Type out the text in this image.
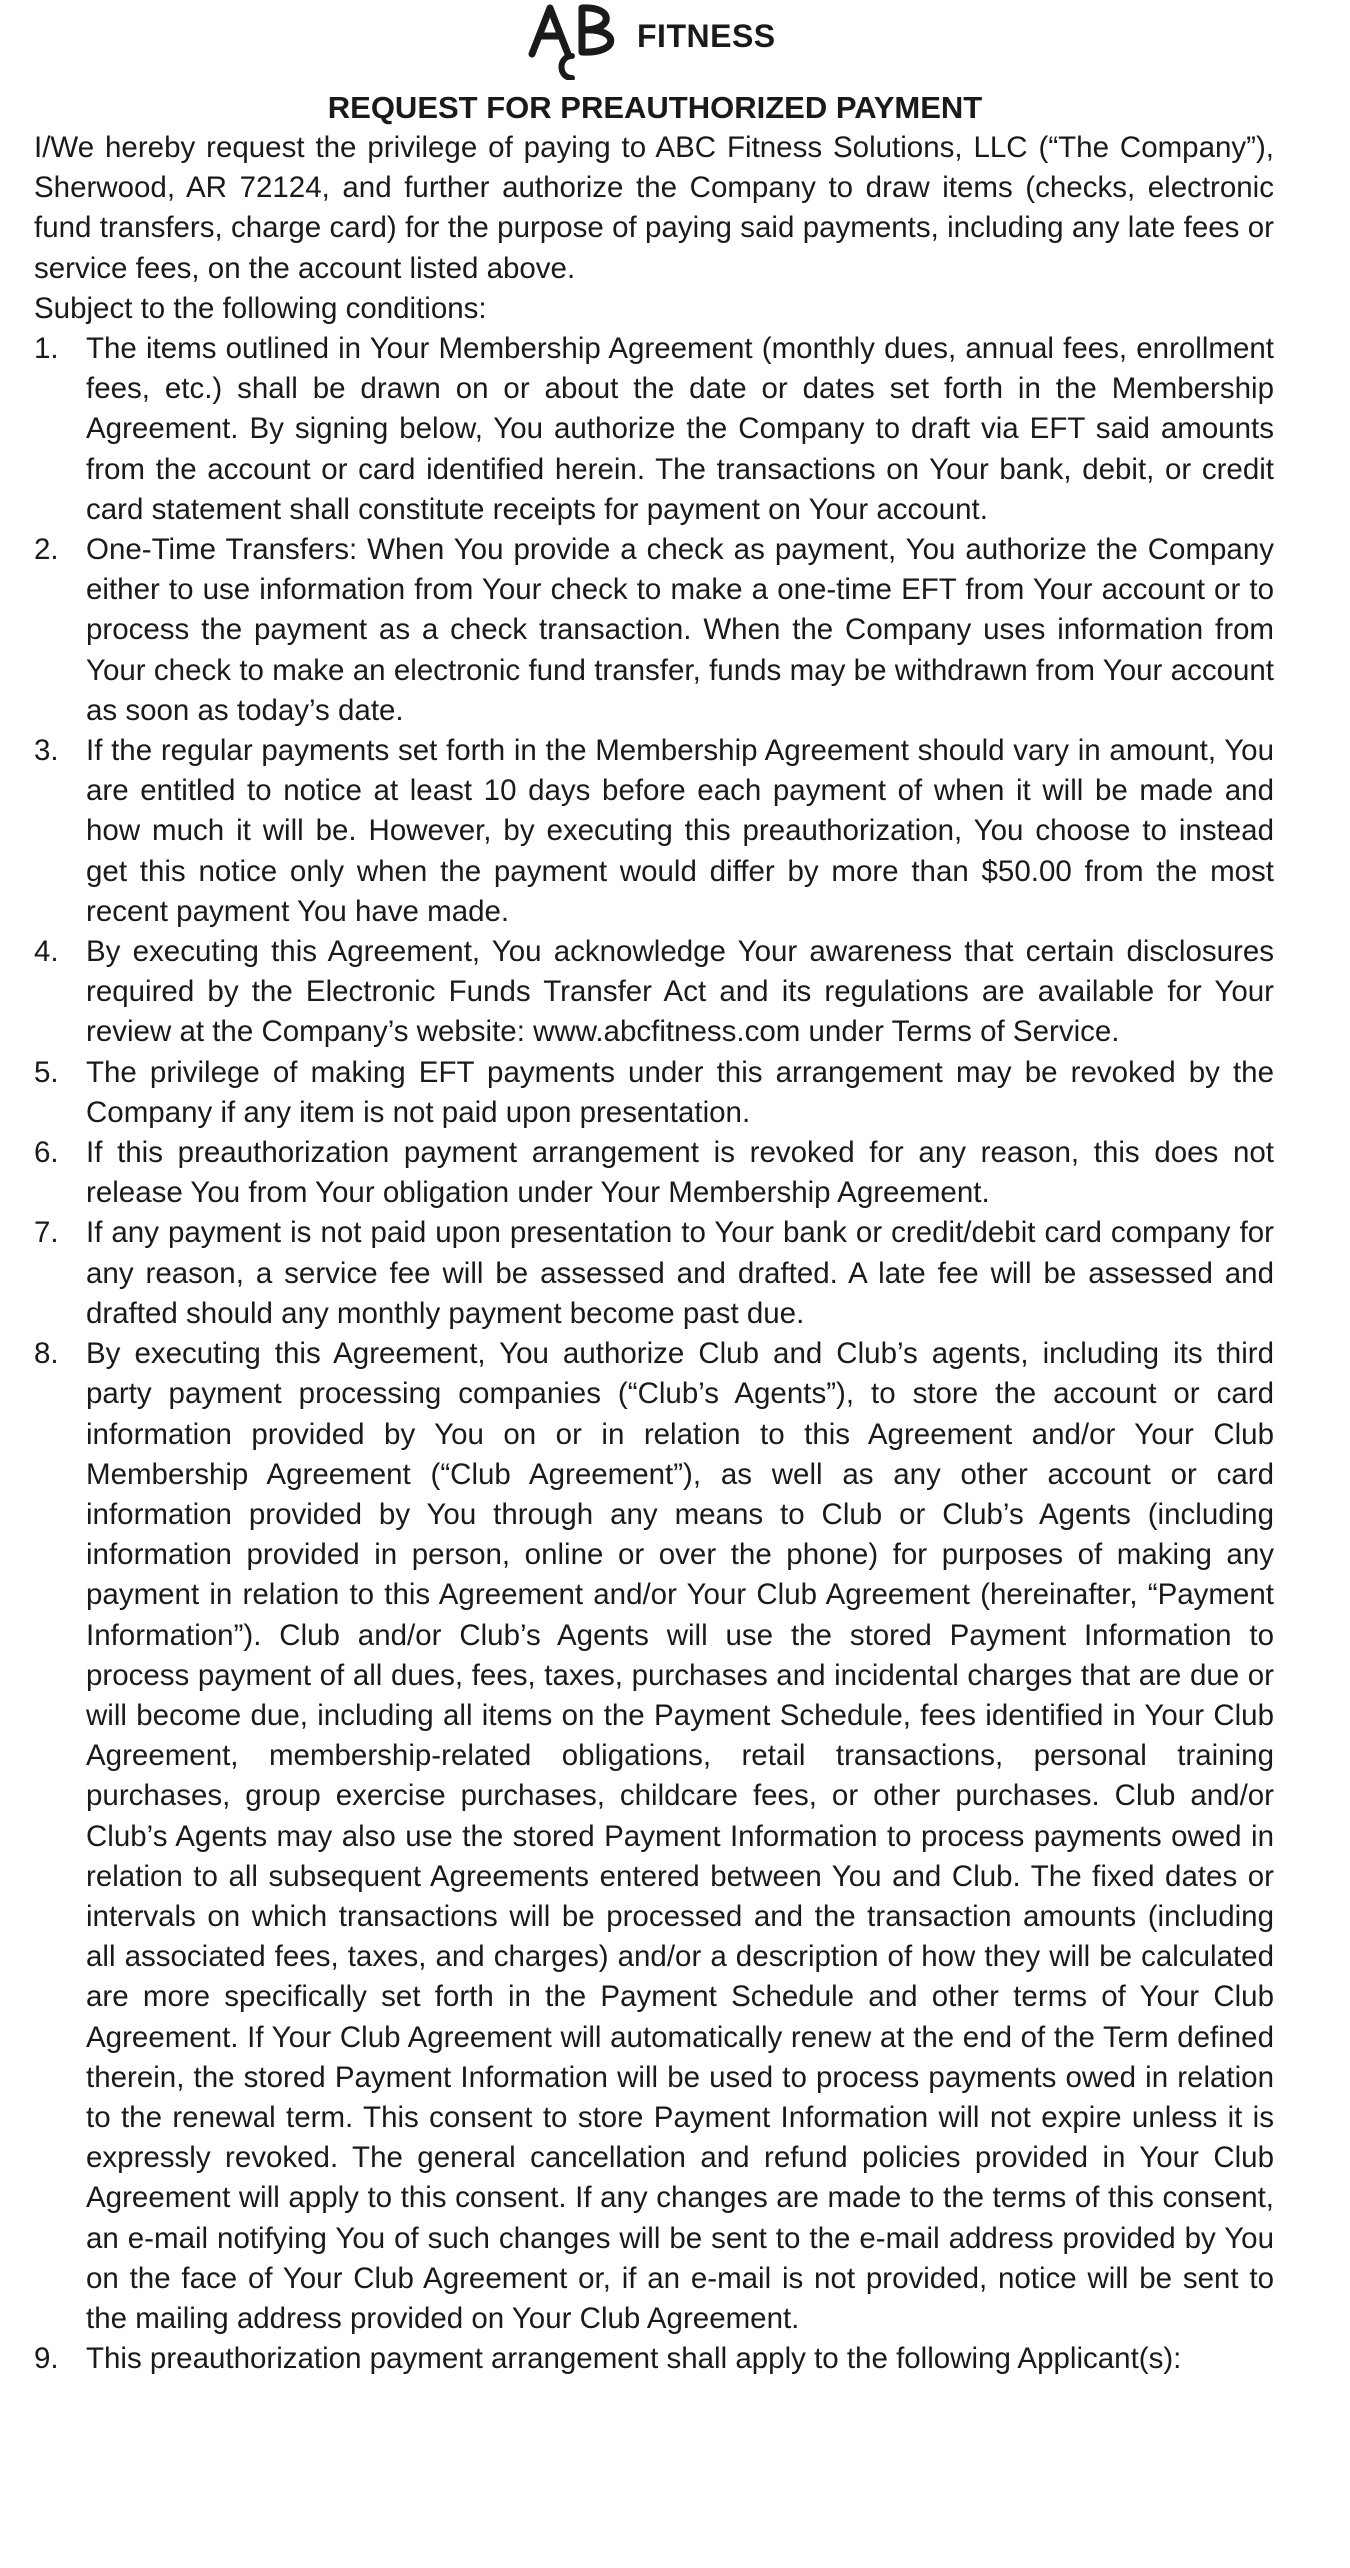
FITNESS
REQUEST FOR PREAUTHORIZED PAYMENT

I/We hereby request the privilege of paying to ABC Fitness Solutions, LLC (“The Company”), Sherwood, AR 72124, and further authorize the Company to draw items (checks, electronic fund transfers, charge card) for the purpose of paying said payments, including any late fees or service fees, on the account listed above.

Subject to the following conditions:

1. The items outlined in Your Membership Agreement (monthly dues, annual fees, enrollment fees, etc.) shall be drawn on or about the date or dates set forth in the Membership Agreement. By signing below, You authorize the Company to draft via EFT said amounts from the account or card identified herein. The transactions on Your bank, debit, or credit card statement shall constitute receipts for payment on Your account.
2. One-Time Transfers: When You provide a check as payment, You authorize the Company either to use information from Your check to make a one-time EFT from Your account or to process the payment as a check transaction. When the Company uses information from Your check to make an electronic fund transfer, funds may be withdrawn from Your account as soon as today’s date.
3. If the regular payments set forth in the Membership Agreement should vary in amount, You are entitled to notice at least 10 days before each payment of when it will be made and how much it will be. However, by executing this preauthorization, You choose to instead get this notice only when the payment would differ by more than $50.00 from the most recent payment You have made.
4. By executing this Agreement, You acknowledge Your awareness that certain disclosures required by the Electronic Funds Transfer Act and its regulations are available for Your review at the Company’s website: www.abcfitness.com under Terms of Service.
5. The privilege of making EFT payments under this arrangement may be revoked by the Company if any item is not paid upon presentation.
6. If this preauthorization payment arrangement is revoked for any reason, this does not release You from Your obligation under Your Membership Agreement.
7. If any payment is not paid upon presentation to Your bank or credit/debit card company for any reason, a service fee will be assessed and drafted. A late fee will be assessed and drafted should any monthly payment become past due.
8. By executing this Agreement, You authorize Club and Club’s agents, including its third party payment processing companies (“Club’s Agents”), to store the account or card information provided by You on or in relation to this Agreement and/or Your Club Membership Agreement (“Club Agreement”), as well as any other account or card information provided by You through any means to Club or Club’s Agents (including information provided in person, online or over the phone) for purposes of making any payment in relation to this Agreement and/or Your Club Agreement (hereinafter, “Payment Information”). Club and/or Club’s Agents will use the stored Payment Information to process payment of all dues, fees, taxes, purchases and incidental charges that are due or will become due, including all items on the Payment Schedule, fees identified in Your Club Agreement, membership-related obligations, retail transactions, personal training purchases, group exercise purchases, childcare fees, or other purchases. Club and/or Club’s Agents may also use the stored Payment Information to process payments owed in relation to all subsequent Agreements entered between You and Club. The fixed dates or intervals on which transactions will be processed and the transaction amounts (including all associated fees, taxes, and charges) and/or a description of how they will be calculated are more specifically set forth in the Payment Schedule and other terms of Your Club Agreement. If Your Club Agreement will automatically renew at the end of the Term defined therein, the stored Payment Information will be used to process payments owed in relation to the renewal term. This consent to store Payment Information will not expire unless it is expressly revoked. The general cancellation and refund policies provided in Your Club Agreement will apply to this consent. If any changes are made to the terms of this consent, an e-mail notifying You of such changes will be sent to the e-mail address provided by You on the face of Your Club Agreement or, if an e-mail is not provided, notice will be sent to the mailing address provided on Your Club Agreement.
9. This preauthorization payment arrangement shall apply to the following Applicant(s):
